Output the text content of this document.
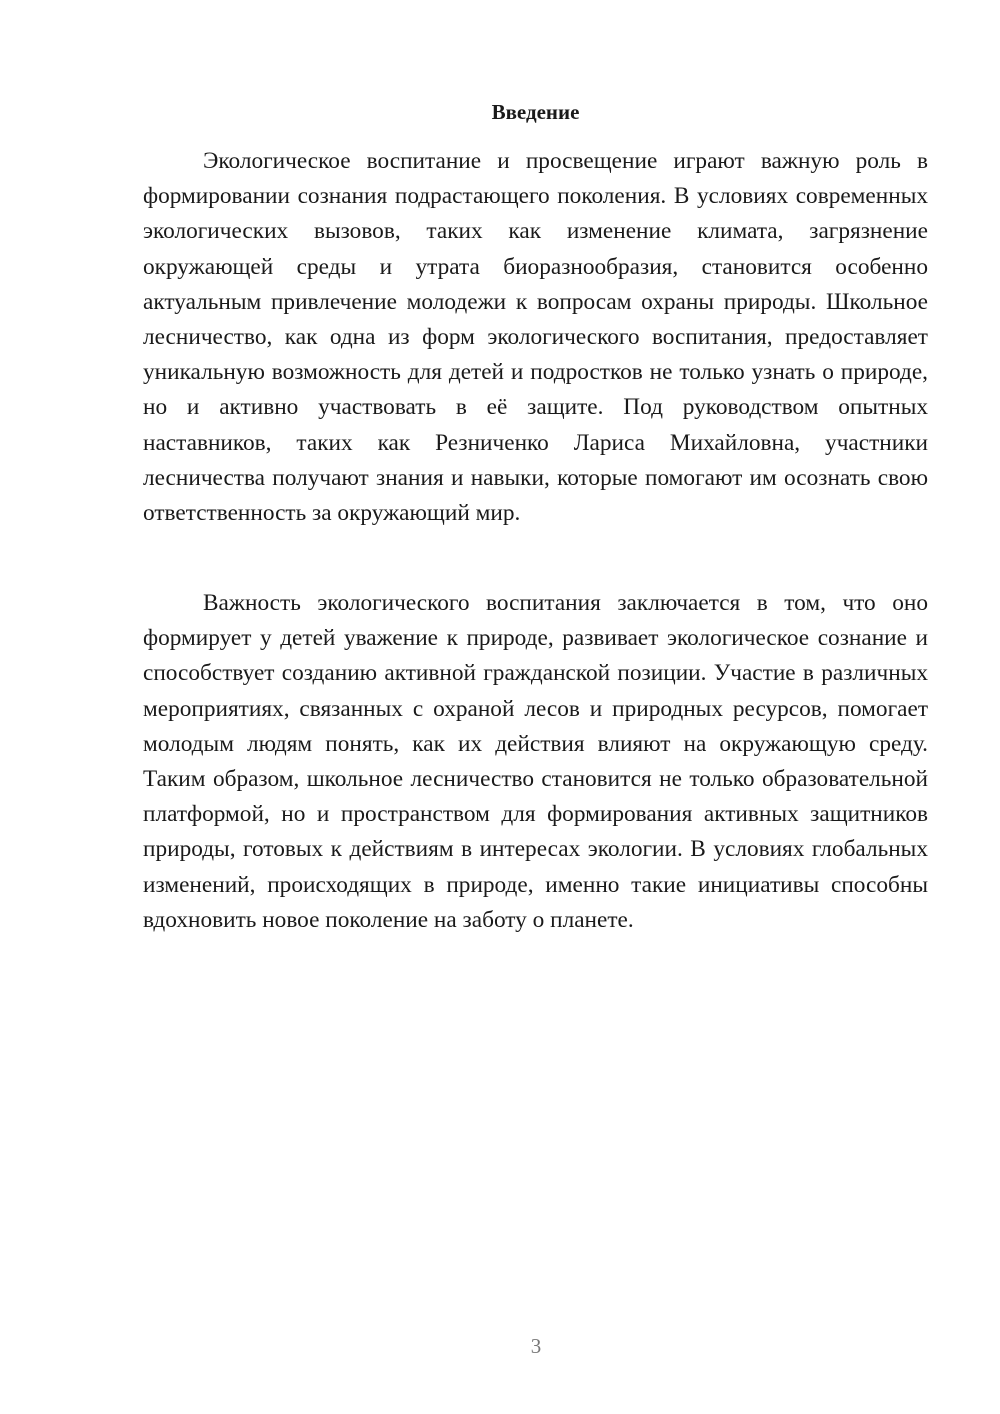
Введение

Экологическое воспитание и просвещение играют важную роль в формировании сознания подрастающего поколения. В условиях современных экологических вызовов, таких как изменение климата, загрязнение окружающей среды и утрата биоразнообразия, становится особенно актуальным привлечение молодежи к вопросам охраны природы. Школьное лесничество, как одна из форм экологического воспитания, предоставляет уникальную возможность для детей и подростков не только узнать о природе, но и активно участвовать в её защите. Под руководством опытных наставников, таких как Резниченко Лариса Михайловна, участники лесничества получают знания и навыки, которые помогают им осознать свою ответственность за окружающий мир.

Важность экологического воспитания заключается в том, что оно формирует у детей уважение к природе, развивает экологическое сознание и способствует созданию активной гражданской позиции. Участие в различных мероприятиях, связанных с охраной лесов и природных ресурсов, помогает молодым людям понять, как их действия влияют на окружающую среду. Таким образом, школьное лесничество становится не только образовательной платформой, но и пространством для формирования активных защитников природы, готовых к действиям в интересах экологии. В условиях глобальных изменений, происходящих в природе, именно такие инициативы способны вдохновить новое поколение на заботу о планете.

3
